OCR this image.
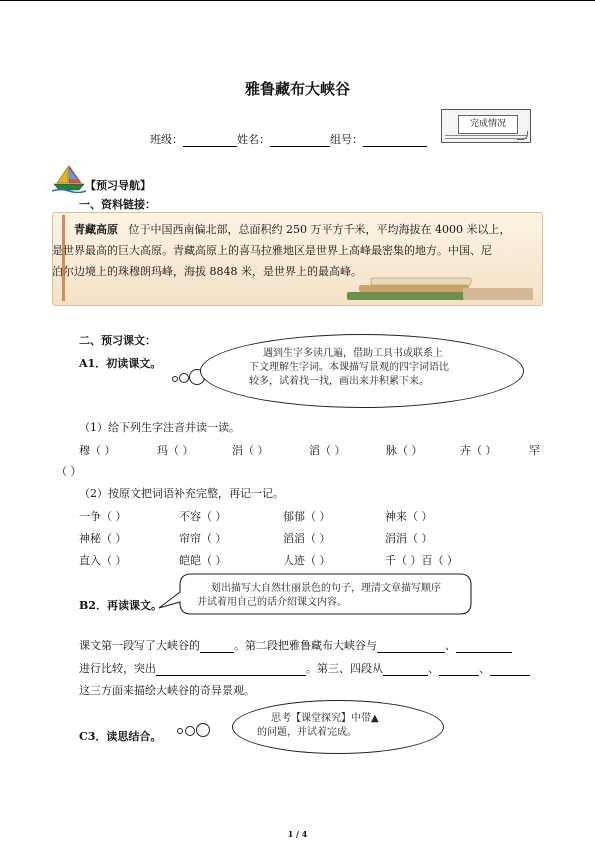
雅鲁藏布大峡谷
班级：	姓名：	组号：
完成情况
【预习导航】
一、资料链接：
青藏高原 位于中国西南偏北部，总面积约 250 万平方千米，平均海拔在 4000 米以上，
是世界最高的巨大高原。青藏高原上的喜马拉雅地区是世界上高峰最密集的地方。中国、尼
泊尔边境上的珠穆朗玛峰，海拔 8848 米，是世界上的最高峰。
二、预习课文：
A1．初读课文。
遇到生字多读几遍，借助工具书或联系上
下文理解生字词。本课描写景观的四字词语比
较多，试着找一找，画出来并积累下来。
（1）给下列生字注音并读一读。
穆（ ）	玛（ ）	涓（ ）	滔（ ）	脉（ ）	卉（ ）	罕
（ ）
（2）按原文把词语补充完整，再记一记。
一争（ ）	不容（ ）	郁郁（ ）	神来（ ）
神秘（ ）	帘帘（ ）	滔滔（ ）	涓涓（ ）
直入（ ）	皑皑（ ）	人迹（ ）	千（ ）百（ ）
B2．再读课文。
划出描写大自然壮丽景色的句子，理清文章描写顺序
并试着用自己的话介绍课文内容。
课文第一段写了大峡谷的	。第二段把雅鲁藏布大峡谷与	、
进行比较，突出	。第三、四段从	、	、
这三方面来描绘大峡谷的奇异景观。
C3．读思结合。
思考【课堂探究】中带▲
的问题，并试着完成。
1 / 4
